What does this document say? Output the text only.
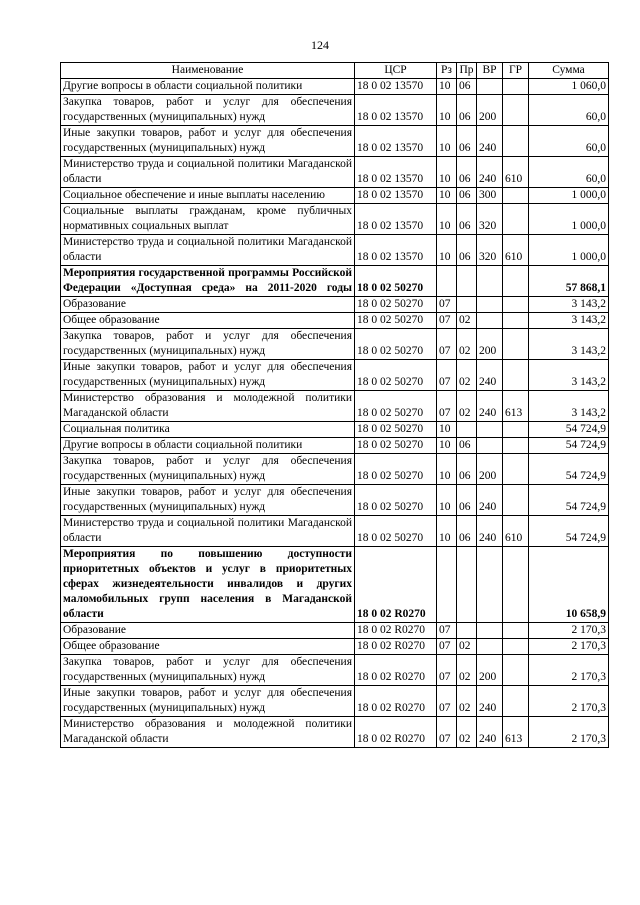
124
Наименование	ЦСР	Рз	Пр	ВР	ГР	Сумма
Другие вопросы в области социальной политики	18 0 02 13570	10	06			1 060,0
Закупка товаров, работ и услуг для обеспечения государственных (муниципальных) нужд	18 0 02 13570	10	06	200		60,0
Иные закупки товаров, работ и услуг для обеспечения государственных (муниципальных) нужд	18 0 02 13570	10	06	240		60,0
Министерство труда и социальной политики Магаданской области	18 0 02 13570	10	06	240	610	60,0
Социальное обеспечение и иные выплаты населению	18 0 02 13570	10	06	300		1 000,0
Социальные выплаты гражданам, кроме публичных нормативных социальных выплат	18 0 02 13570	10	06	320		1 000,0
Министерство труда и социальной политики Магаданской области	18 0 02 13570	10	06	320	610	1 000,0
Мероприятия государственной программы Российской Федерации «Доступная среда» на 2011-2020 годы	18 0 02 50270					57 868,1
Образование	18 0 02 50270	07				3 143,2
Общее образование	18 0 02 50270	07	02			3 143,2
Закупка товаров, работ и услуг для обеспечения государственных (муниципальных) нужд	18 0 02 50270	07	02	200		3 143,2
Иные закупки товаров, работ и услуг для обеспечения государственных (муниципальных) нужд	18 0 02 50270	07	02	240		3 143,2
Министерство образования и молодежной политики Магаданской области	18 0 02 50270	07	02	240	613	3 143,2
Социальная политика	18 0 02 50270	10				54 724,9
Другие вопросы в области социальной политики	18 0 02 50270	10	06			54 724,9
Закупка товаров, работ и услуг для обеспечения государственных (муниципальных) нужд	18 0 02 50270	10	06	200		54 724,9
Иные закупки товаров, работ и услуг для обеспечения государственных (муниципальных) нужд	18 0 02 50270	10	06	240		54 724,9
Министерство труда и социальной политики Магаданской области	18 0 02 50270	10	06	240	610	54 724,9
Мероприятия по повышению доступности приоритетных объектов и услуг в приоритетных сферах жизнедеятельности инвалидов и других маломобильных групп населения в Магаданской области	18 0 02 R0270					10 658,9
Образование	18 0 02 R0270	07				2 170,3
Общее образование	18 0 02 R0270	07	02			2 170,3
Закупка товаров, работ и услуг для обеспечения государственных (муниципальных) нужд	18 0 02 R0270	07	02	200		2 170,3
Иные закупки товаров, работ и услуг для обеспечения государственных (муниципальных) нужд	18 0 02 R0270	07	02	240		2 170,3
Министерство образования и молодежной политики Магаданской области	18 0 02 R0270	07	02	240	613	2 170,3
